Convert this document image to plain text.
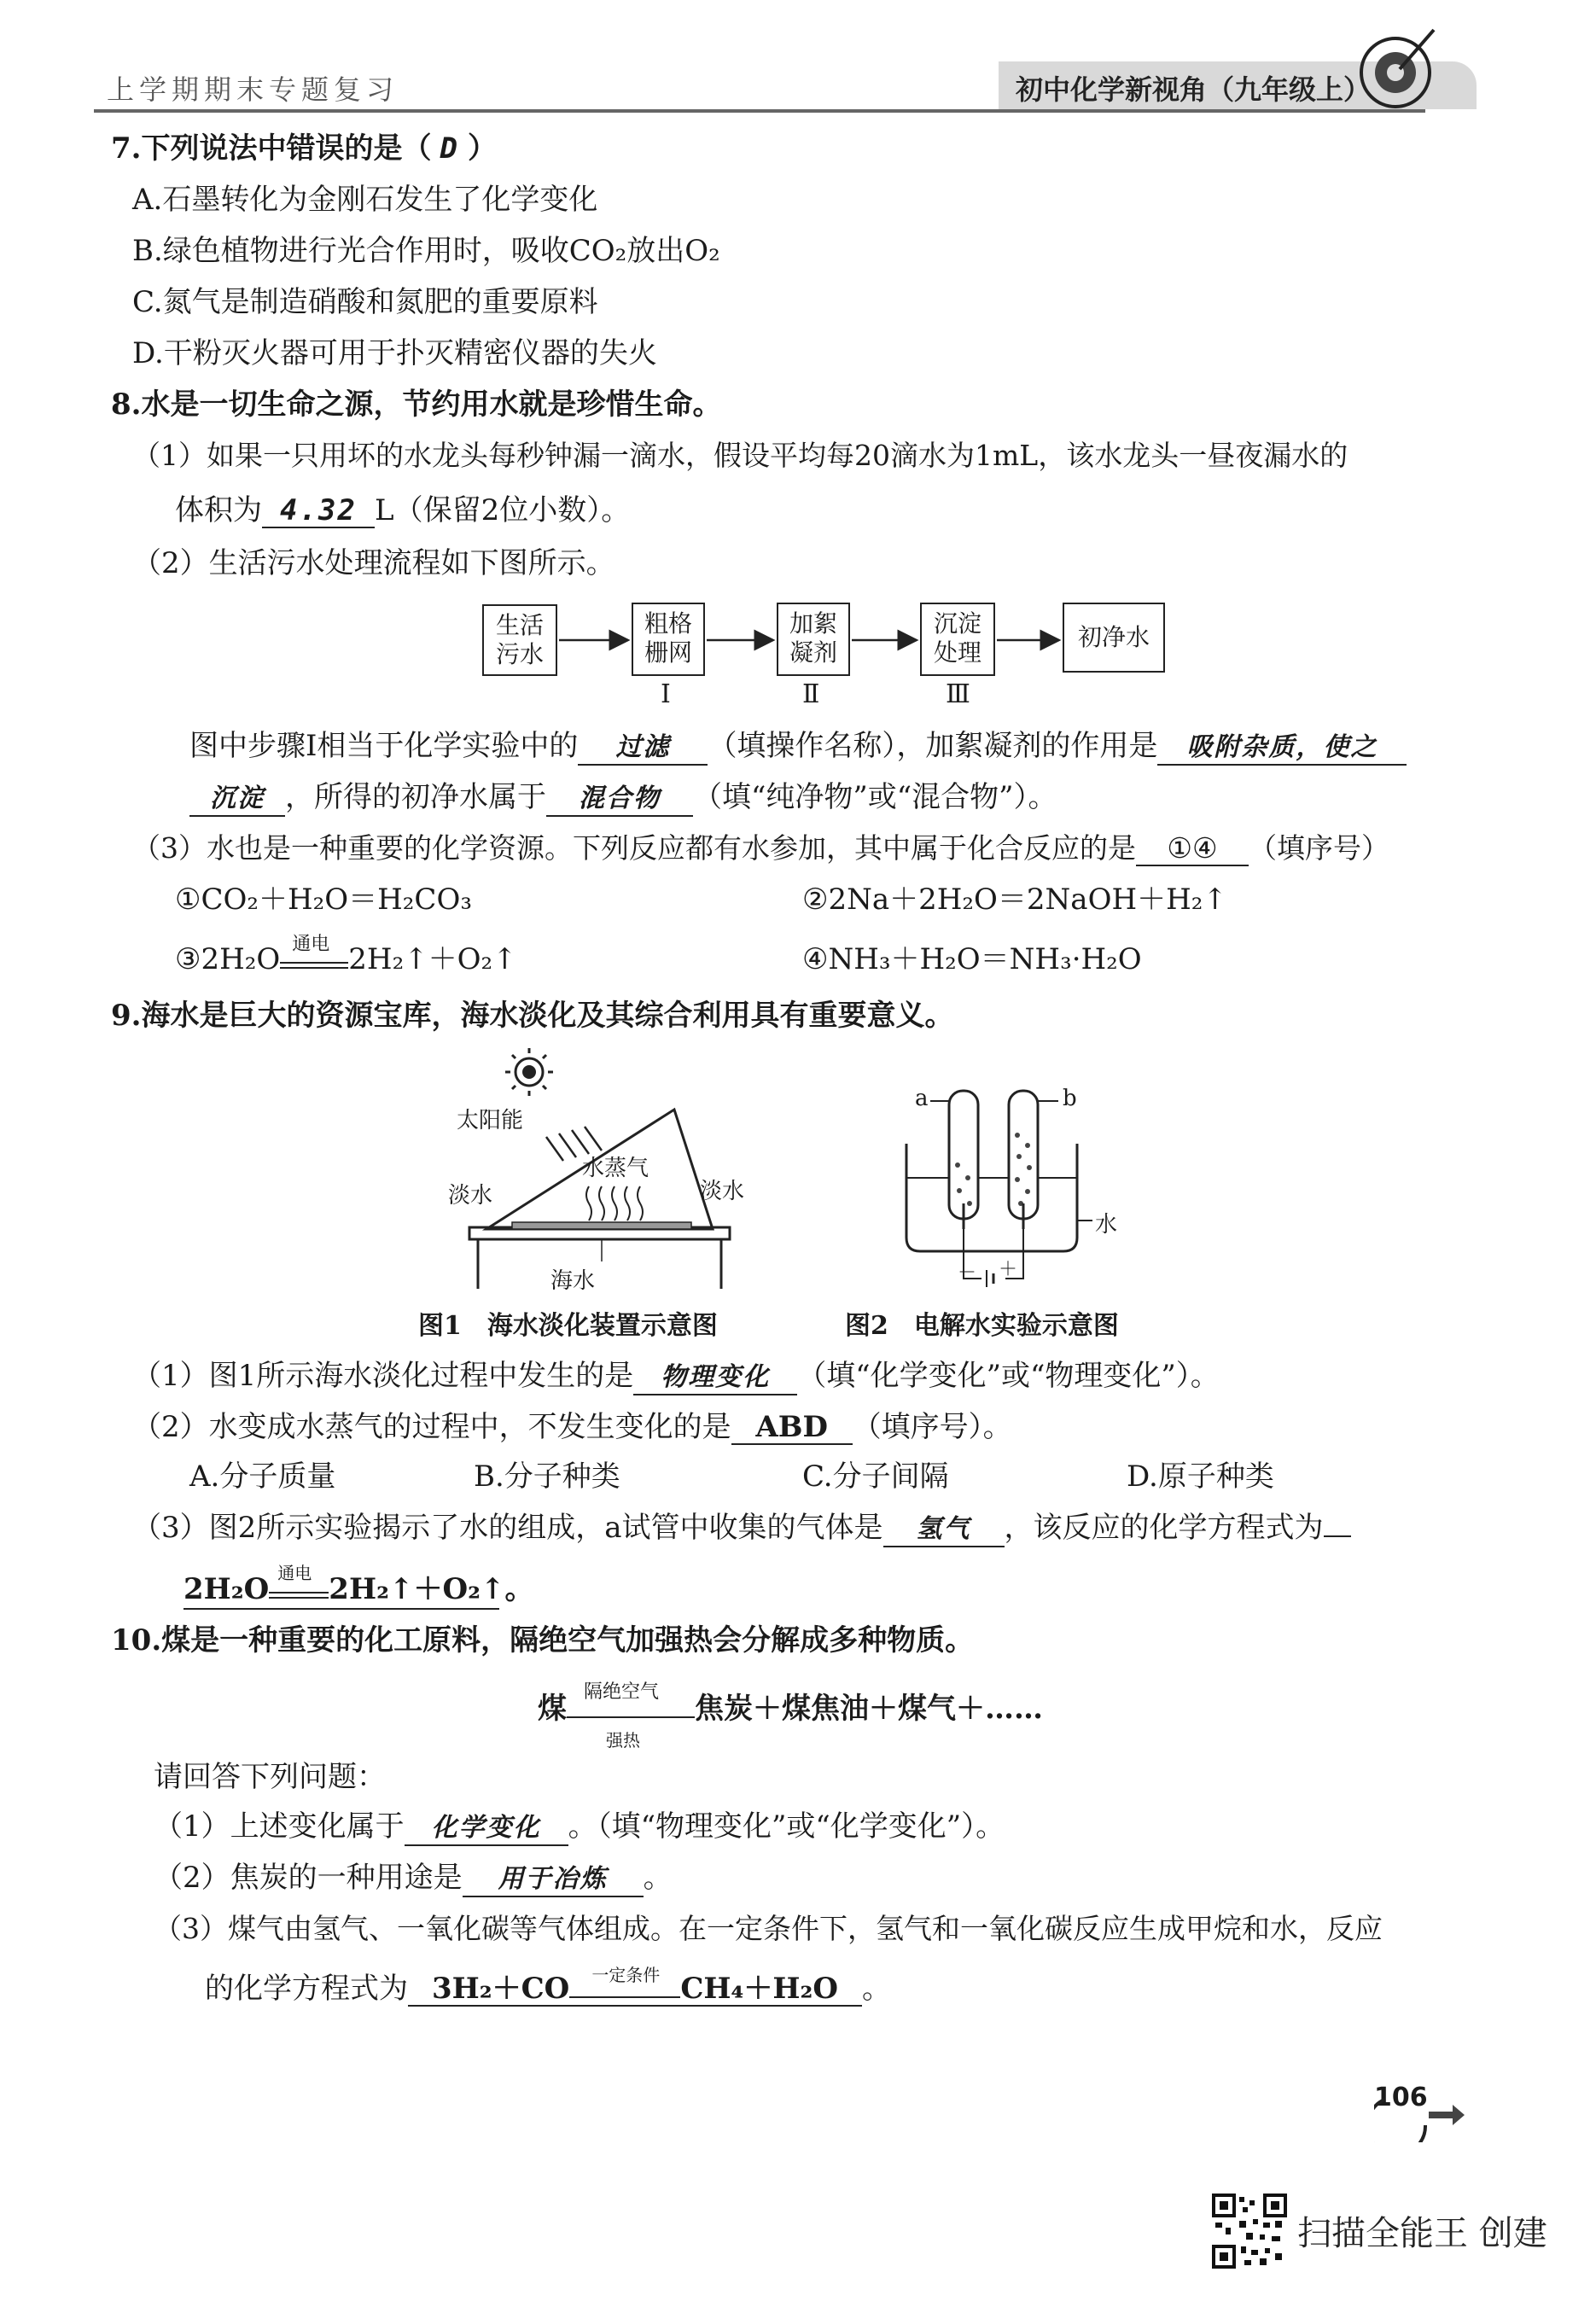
上学期期末专题复习	初中化学新视角（九年级上）
7.下列说法中错误的是（ D ）
A.石墨转化为金刚石发生了化学变化
B.绿色植物进行光合作用时，吸收CO₂放出O₂
C.氮气是制造硝酸和氮肥的重要原料
D.干粉灭火器可用于扑灭精密仪器的失火
8.水是一切生命之源，节约用水就是珍惜生命。
（1）如果一只用坏的水龙头每秒钟漏一滴水，假设平均每20滴水为1mL，该水龙头一昼夜漏水的
体积为 4.32 L（保留2位小数）。
（2）生活污水处理流程如下图所示。
生活污水
粗格栅网
加絮凝剂
沉淀处理
初净水
Ⅰ	Ⅱ	Ⅲ
图中步骤Ⅰ相当于化学实验中的 过滤 （填操作名称），加絮凝剂的作用是 吸附杂质，使之
沉淀 ，所得的初净水属于 混合物 （填“纯净物”或“混合物”）。
（3）水也是一种重要的化学资源。下列反应都有水参加，其中属于化合反应的是 ①④ （填序号）
①CO₂＋H₂O＝H₂CO₃	②2Na＋2H₂O＝2NaOH＋H₂↑
③2H₂O 通电 2H₂↑＋O₂↑	④NH₃＋H₂O＝NH₃·H₂O
9.海水是巨大的资源宝库，海水淡化及其综合利用具有重要意义。
太阳能
水蒸气
淡水	淡水
海水
a	b
水
－ ＋
图1　海水淡化装置示意图	图2　电解水实验示意图
（1）图1所示海水淡化过程中发生的是 物理变化 （填“化学变化”或“物理变化”）。
（2）水变成水蒸气的过程中，不发生变化的是 ABD （填序号）。
A.分子质量	B.分子种类	C.分子间隔	D.原子种类
（3）图2所示实验揭示了水的组成，a试管中收集的气体是 氢气 ，该反应的化学方程式为
2H₂O 通电 2H₂↑＋O₂↑。
10.煤是一种重要的化工原料，隔绝空气加强热会分解成多种物质。
煤 隔绝空气
强热
焦炭＋煤焦油＋煤气＋……
请回答下列问题：
（1）上述变化属于 化学变化 。（填“物理变化”或“化学变化”）。
（2）焦炭的一种用途是 用于冶炼 。
（3）煤气由氢气、一氧化碳等气体组成。在一定条件下，氢气和一氧化碳反应生成甲烷和水，反应
的化学方程式为 3H₂＋CO 一定条件 CH₄＋H₂O 。
106
扫描全能王 创建
